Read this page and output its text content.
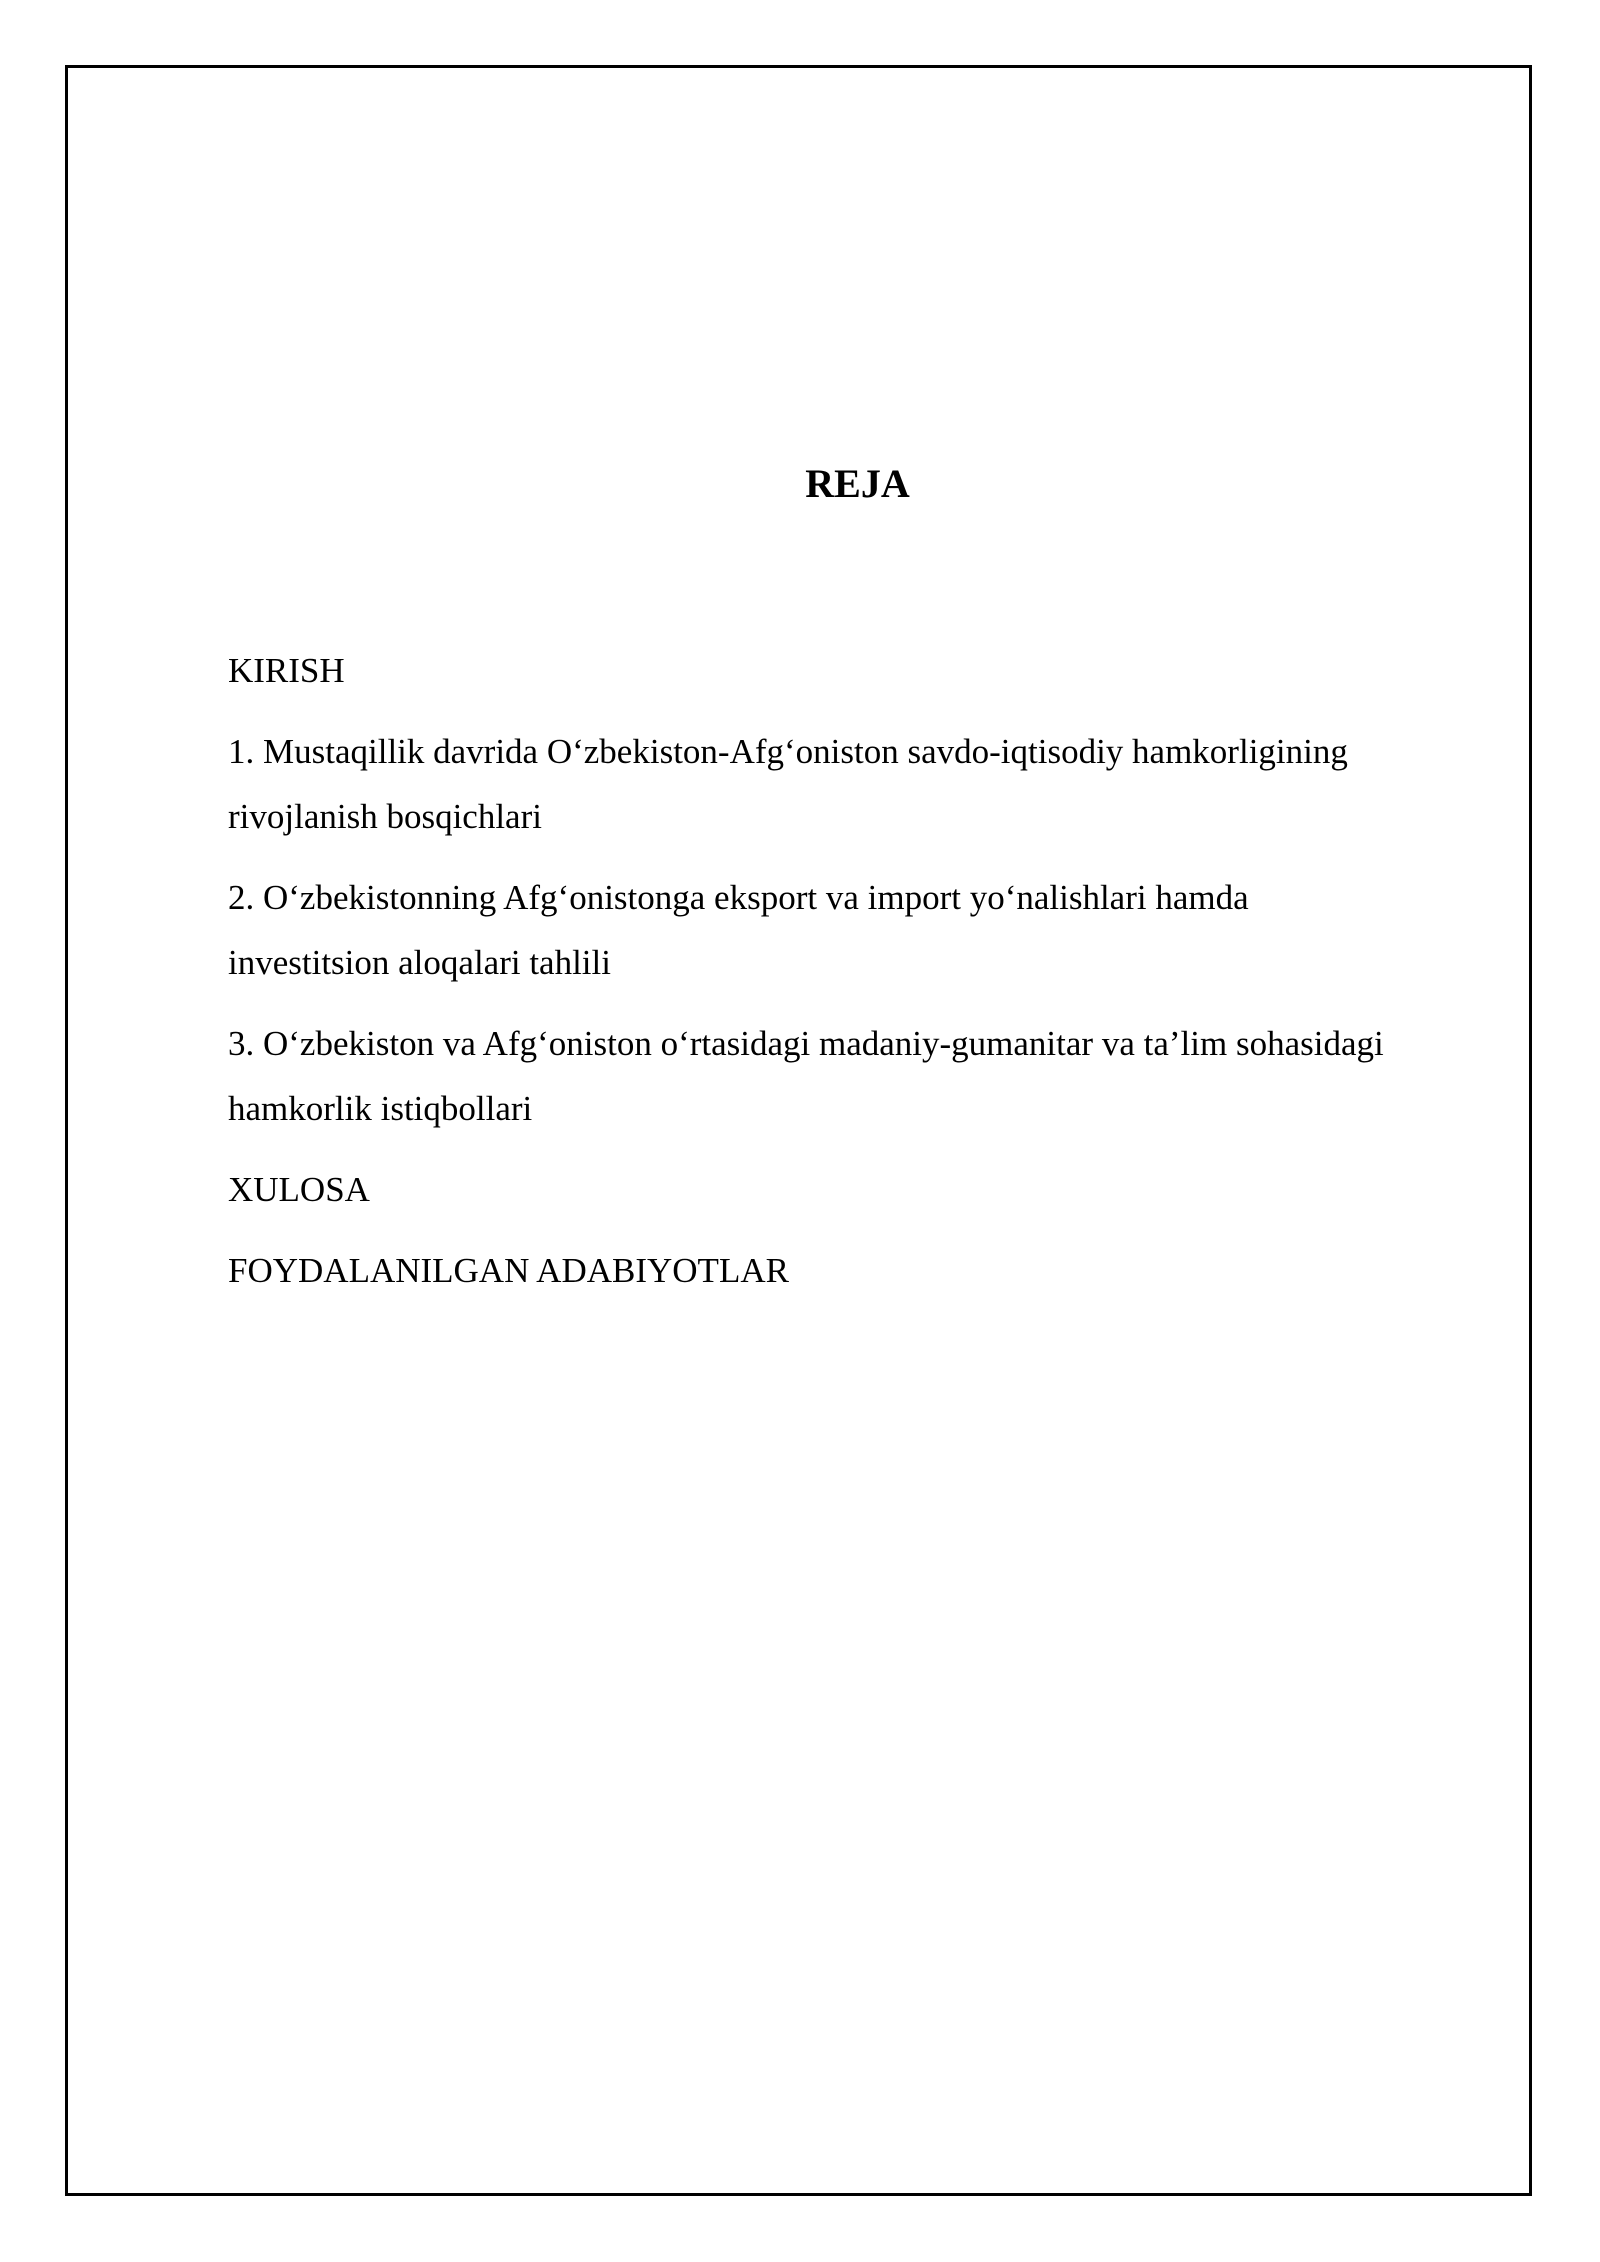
REJA
KIRISH
1. Mustaqillik davrida O‘zbekiston-Afg‘oniston savdo-iqtisodiy hamkorligining
rivojlanish bosqichlari
2. O‘zbekistonning Afg‘onistonga eksport va import yo‘nalishlari hamda
investitsion aloqalari tahlili
3. O‘zbekiston va Afg‘oniston o‘rtasidagi madaniy-gumanitar va ta’lim sohasidagi
hamkorlik istiqbollari
XULOSA
FOYDALANILGAN ADABIYOTLAR
